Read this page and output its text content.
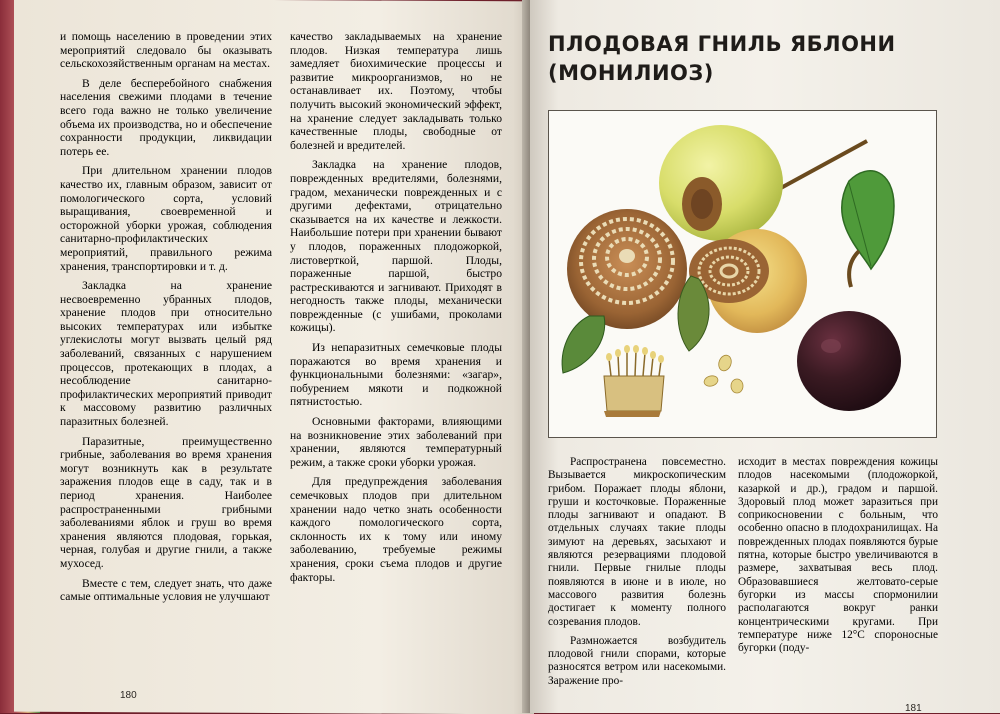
и помощь населению в проведении этих мероприятий следовало бы оказывать сельскохозяйственным органам на местах.

В деле бесперебойного снабжения населения свежими плодами в течение всего года важно не только увеличение объема их производства, но и обеспечение сохранности продукции, ликвидации потерь ее.

При длительном хранении плодов качество их, главным образом, зависит от помологического сорта, условий выращивания, своевременной и осторожной уборки урожая, соблюдения санитарно-профилактических мероприятий, правильного режима хранения, транспортировки и т. д.

Закладка на хранение несвоевременно убранных плодов, хранение плодов при относительно высоких температурах или избытке углекислоты могут вызвать целый ряд заболеваний, связанных с нарушением процессов, протекающих в плодах, а несоблюдение санитарно-профилактических мероприятий приводит к массовому развитию различных паразитных болезней.

Паразитные, преимущественно грибные, заболевания во время хранения могут возникнуть как в результате заражения плодов еще в саду, так и в период хранения. Наиболее распространенными грибными заболеваниями яблок и груш во время хранения являются плодовая, горькая, черная, голубая и другие гнили, а также мухосед.

Вместе с тем, следует знать, что даже самые оптимальные условия не улучшают

качество закладываемых на хранение плодов. Низкая температура лишь замедляет биохимические процессы и развитие микроорганизмов, но не останавливает их. Поэтому, чтобы получить высокий экономический эффект, на хранение следует закладывать только качественные плоды, свободные от болезней и вредителей.

Закладка на хранение плодов, поврежденных вредителями, болезнями, градом, механически поврежденных и с другими дефектами, отрицательно сказывается на их качестве и лежкости. Наибольшие потери при хранении бывают у плодов, пораженных плодожоркой, листоверткой, паршой. Плоды, пораженные паршой, быстро растрескиваются и загнивают. Приходят в негодность также плоды, механически поврежденные (с ушибами, проколами кожицы).

Из непаразитных семечковые плоды поражаются во время хранения и функциональными болезнями: «загар», побурением мякоти и подкожной пятнистостью.

Основными факторами, влияющими на возникновение этих заболеваний при хранении, являются температурный режим, а также сроки уборки урожая.

Для предупреждения заболевания семечковых плодов при длительном хранении надо четко знать особенности каждого помологического сорта, склонность их к тому или иному заболеванию, требуемые режимы хранения, сроки съема плодов и другие факторы.

180
ПЛОДОВАЯ ГНИЛЬ ЯБЛОНИ (МОНИЛИОЗ)

Распространена повсеместно. Вызывается микроскопическим грибом. Поражает плоды яблони, груши и косточковые. Пораженные плоды загнивают и опадают. В отдельных случаях такие плоды зимуют на деревьях, засыхают и являются резервациями плодовой гнили. Первые гнилые плоды появляются в июне и в июле, но массового развития болезнь достигает к моменту полного созревания плодов.

Размножается возбудитель плодовой гнили спорами, которые разносятся ветром или насекомыми. Заражение про-

исходит в местах повреждения кожицы плодов насекомыми (плодожоркой, казаркой и др.), градом и паршой. Здоровый плод может заразиться при соприкосновении с больным, что особенно опасно в плодохранилищах. На поврежденных плодах появляются бурые пятна, которые быстро увеличиваются в размере, захватывая весь плод. Образовавшиеся желтовато-серые бугорки из массы спормонилии располагаются вокруг ранки концентрическими кругами. При температуре ниже 12°С спороносные бугорки (поду-

181
